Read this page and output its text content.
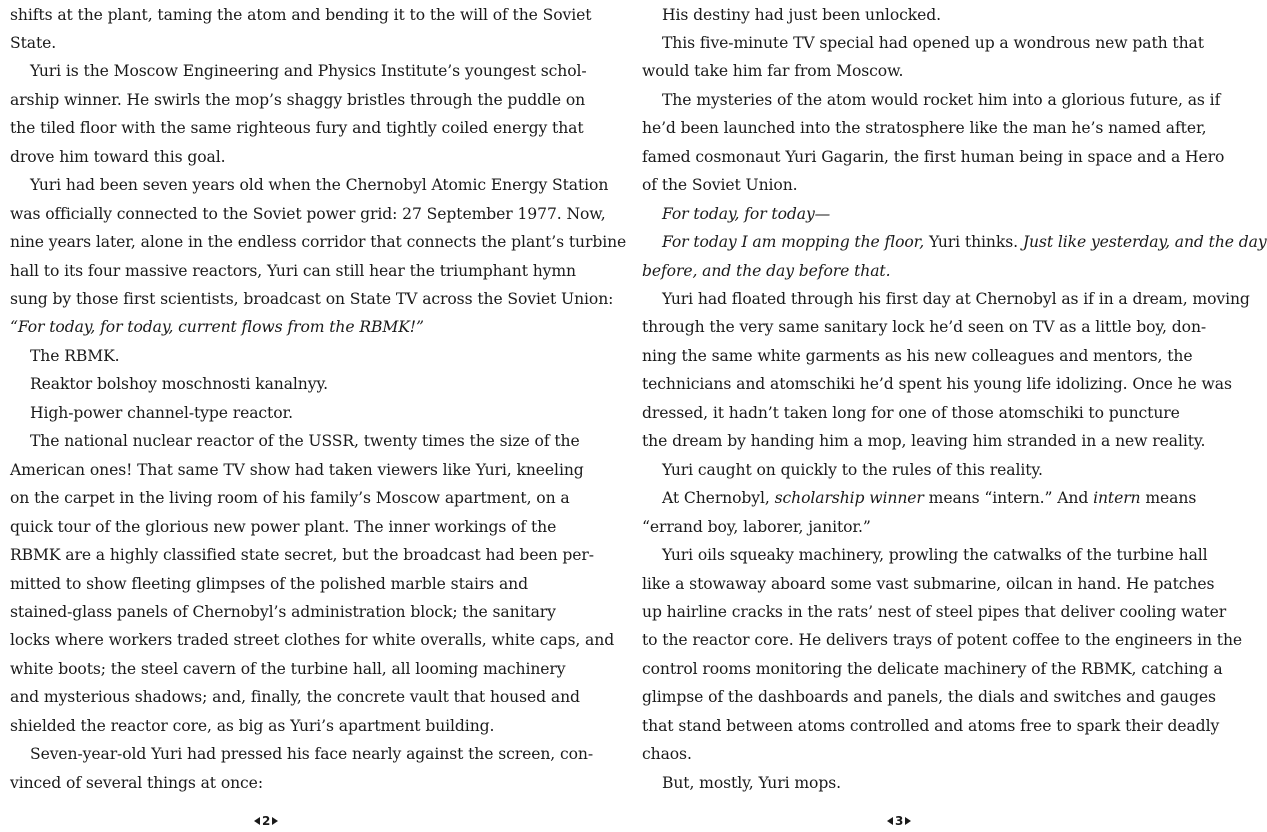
shifts at the plant, taming the atom and bending it to the will of the Soviet
State.
Yuri is the Moscow Engineering and Physics Institute’s youngest schol-
arship winner. He swirls the mop’s shaggy bristles through the puddle on
the tiled floor with the same righteous fury and tightly coiled energy that
drove him toward this goal.
Yuri had been seven years old when the Chernobyl Atomic Energy Station
was officially connected to the Soviet power grid: 27 September 1977. Now,
nine years later, alone in the endless corridor that connects the plant’s turbine
hall to its four massive reactors, Yuri can still hear the triumphant hymn
sung by those first scientists, broadcast on State TV across the Soviet Union:
“For today, for today, current flows from the RBMK!”
The RBMK.
Reaktor bolshoy moschnosti kanalnyy.
High-power channel-type reactor.
The national nuclear reactor of the USSR, twenty times the size of the
American ones! That same TV show had taken viewers like Yuri, kneeling
on the carpet in the living room of his family’s Moscow apartment, on a
quick tour of the glorious new power plant. The inner workings of the
RBMK are a highly classified state secret, but the broadcast had been per-
mitted to show fleeting glimpses of the polished marble stairs and
stained-glass panels of Chernobyl’s administration block; the sanitary
locks where workers traded street clothes for white overalls, white caps, and
white boots; the steel cavern of the turbine hall, all looming machinery
and mysterious shadows; and, finally, the concrete vault that housed and
shielded the reactor core, as big as Yuri’s apartment building.
Seven-year-old Yuri had pressed his face nearly against the screen, con-
vinced of several things at once:
2
His destiny had just been unlocked.
This five-minute TV special had opened up a wondrous new path that
would take him far from Moscow.
The mysteries of the atom would rocket him into a glorious future, as if
he’d been launched into the stratosphere like the man he’s named after,
famed cosmonaut Yuri Gagarin, the first human being in space and a Hero
of the Soviet Union.
For today, for today—
For today I am mopping the floor, Yuri thinks. Just like yesterday, and the day
before, and the day before that.
Yuri had floated through his first day at Chernobyl as if in a dream, moving
through the very same sanitary lock he’d seen on TV as a little boy, don-
ning the same white garments as his new colleagues and mentors, the
technicians and atomschiki he’d spent his young life idolizing. Once he was
dressed, it hadn’t taken long for one of those atomschiki to puncture
the dream by handing him a mop, leaving him stranded in a new reality.
Yuri caught on quickly to the rules of this reality.
At Chernobyl, scholarship winner means “intern.” And intern means
“errand boy, laborer, janitor.”
Yuri oils squeaky machinery, prowling the catwalks of the turbine hall
like a stowaway aboard some vast submarine, oilcan in hand. He patches
up hairline cracks in the rats’ nest of steel pipes that deliver cooling water
to the reactor core. He delivers trays of potent coffee to the engineers in the
control rooms monitoring the delicate machinery of the RBMK, catching a
glimpse of the dashboards and panels, the dials and switches and gauges
that stand between atoms controlled and atoms free to spark their deadly
chaos.
But, mostly, Yuri mops.
3
